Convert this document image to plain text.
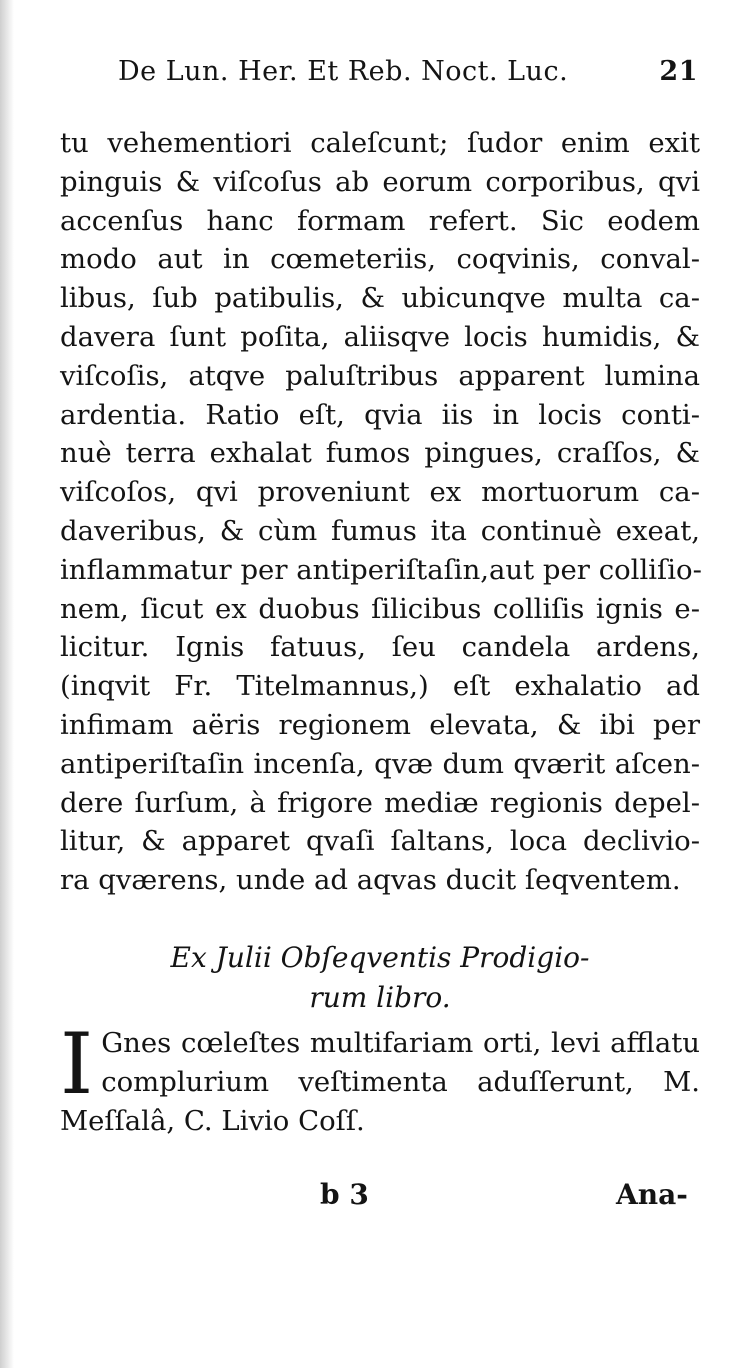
De Lun. Her. Et Reb. Noct. Luc.	21
tu vehementiori caleſcunt; ſudor enim exit
pinguis & viſcoſus ab eorum corporibus, qvi
accenſus hanc formam refert. Sic eodem
modo aut in cœmeteriis, coqvinis, conval-
libus, ſub patibulis, & ubicunqve multa ca-
davera ſunt poſita, aliisqve locis humidis, &
viſcoſis, atqve paluſtribus apparent lumina
ardentia. Ratio eſt, qvia iis in locis conti-
nuè terra exhalat fumos pingues, craſſos, &
viſcoſos, qvi proveniunt ex mortuorum ca-
daveribus, & cùm fumus ita continuè exeat,
inflammatur per antiperiſtaſin,aut per colliſio-
nem, ſicut ex duobus ſilicibus colliſis ignis e-
licitur. Ignis fatuus, ſeu candela ardens,
(inqvit Fr. Titelmannus,) eſt exhalatio ad
infimam aëris regionem elevata, & ibi per
antiperiſtaſin incenſa, qvæ dum qværit aſcen-
dere ſurſum, à frigore mediæ regionis depel-
litur, & apparet qvaſi ſaltans, loca declivio-
ra qværens, unde ad aqvas ducit ſeqventem.
Ex Julii Obſeqventis Prodigio-
rum libro.
I Gnes cœleſtes multifariam orti, levi afflatu
complurium veſtimenta aduſſerunt, M.
Meſſalâ, C. Livio Coſſ.
b 3	Ana-
